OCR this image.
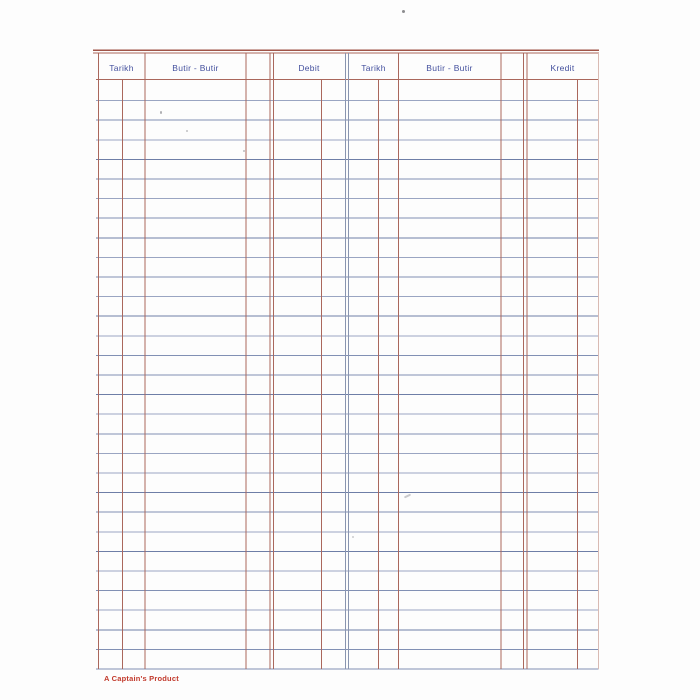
Tarikh	Butir - Butir	Debit	Tarikh	Butir - Butir	Kredit
A Captain's Product
